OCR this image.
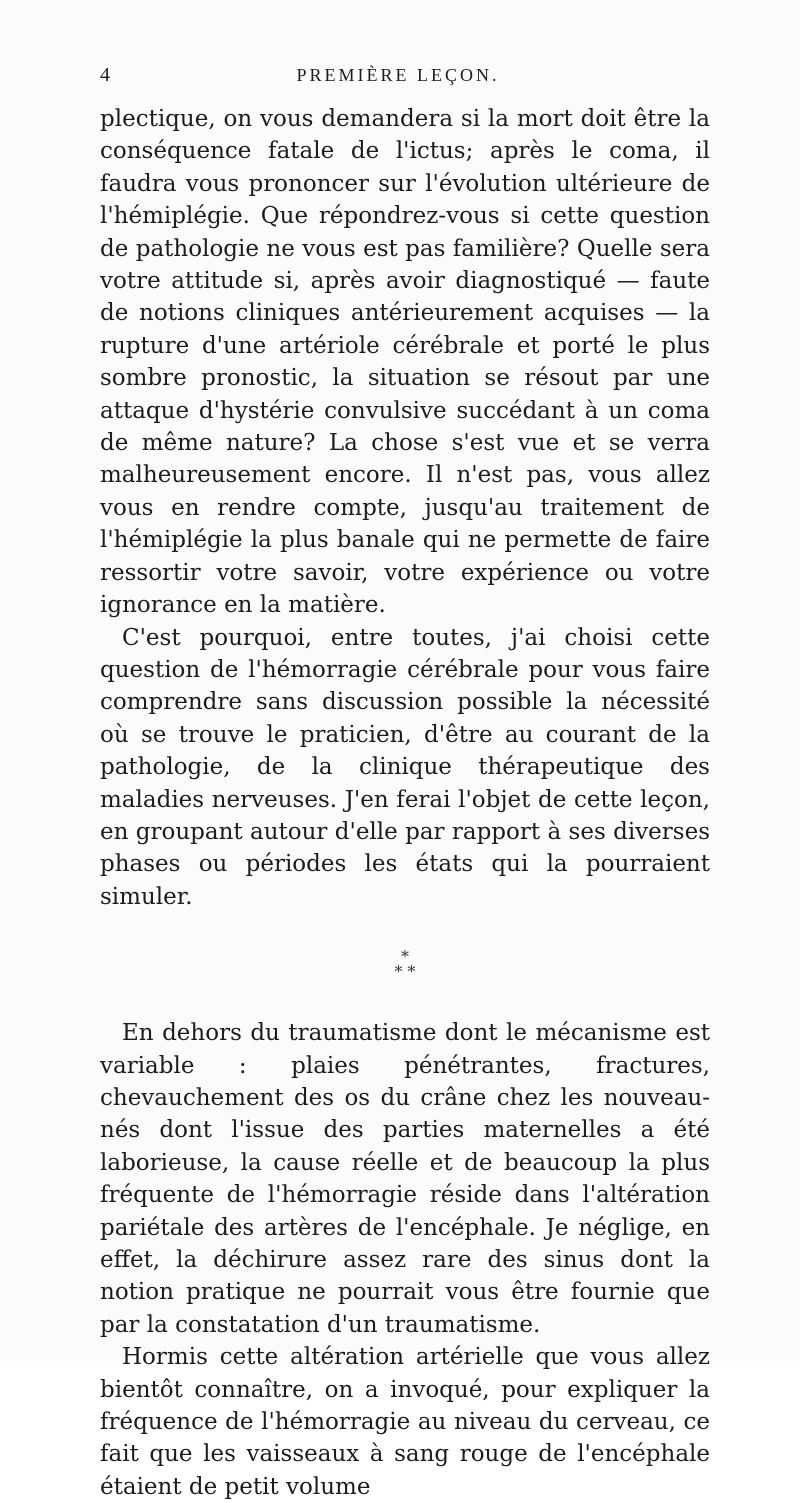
4	PREMIÈRE LEÇON.

plectique, on vous demandera si la mort doit être la conséquence fatale de l'ictus; après le coma, il faudra vous prononcer sur l'évolution ultérieure de l'hémiplégie. Que répondrez-vous si cette question de pathologie ne vous est pas familière? Quelle sera votre attitude si, après avoir diagnostiqué — faute de notions cliniques antérieurement acquises — la rupture d'une artériole cérébrale et porté le plus sombre pronostic, la situation se résout par une attaque d'hystérie convulsive succédant à un coma de même nature? La chose s'est vue et se verra malheureusement encore. Il n'est pas, vous allez vous en rendre compte, jusqu'au traitement de l'hémiplégie la plus banale qui ne permette de faire ressortir votre savoir, votre expérience ou votre ignorance en la matière.

C'est pourquoi, entre toutes, j'ai choisi cette question de l'hémorragie cérébrale pour vous faire comprendre sans discussion possible la nécessité où se trouve le praticien, d'être au courant de la pathologie, de la clinique thérapeutique des maladies nerveuses. J'en ferai l'objet de cette leçon, en groupant autour d'elle par rapport à ses diverses phases ou périodes les états qui la pourraient simuler.

*
* *

En dehors du traumatisme dont le mécanisme est variable : plaies pénétrantes, fractures, chevauchement des os du crâne chez les nouveau-nés dont l'issue des parties maternelles a été laborieuse, la cause réelle et de beaucoup la plus fréquente de l'hémorragie réside dans l'altération pariétale des artères de l'encéphale. Je néglige, en effet, la déchirure assez rare des sinus dont la notion pratique ne pourrait vous être fournie que par la constatation d'un traumatisme.

Hormis cette altération artérielle que vous allez bientôt connaître, on a invoqué, pour expliquer la fréquence de l'hémorragie au niveau du cerveau, ce fait que les vaisseaux à sang rouge de l'encéphale étaient de petit volume
